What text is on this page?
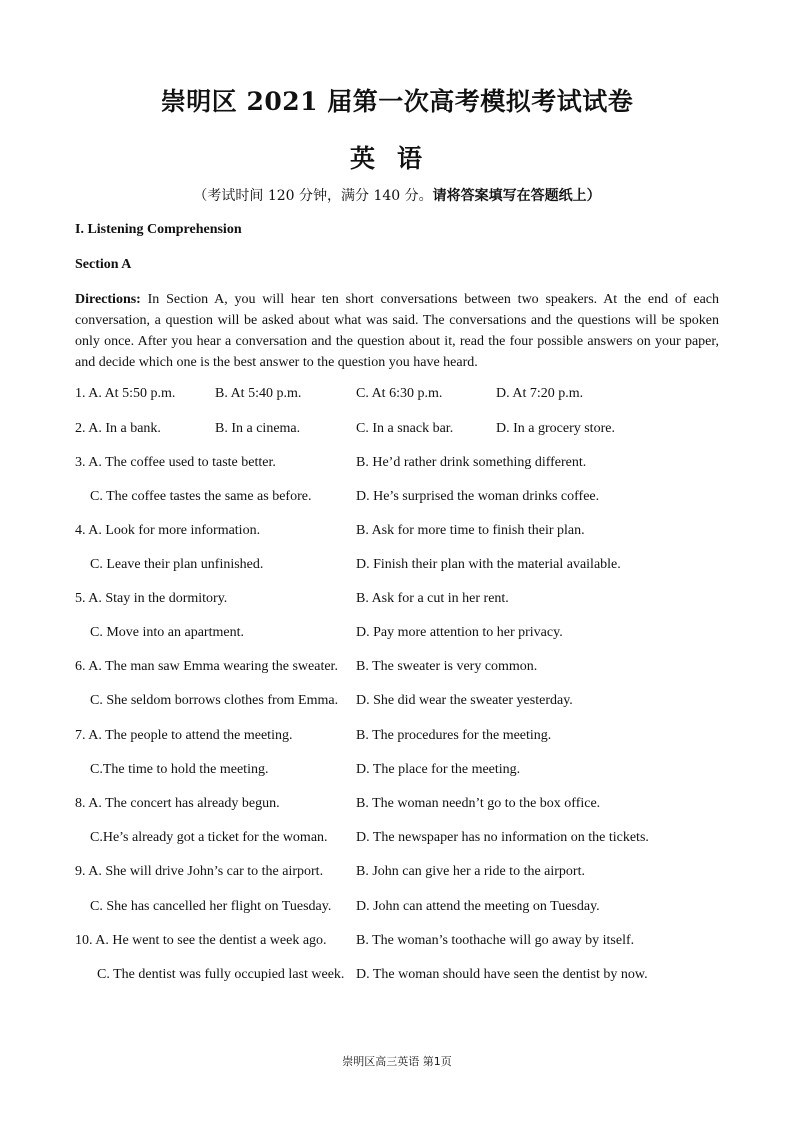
崇明区 2021 届第一次高考模拟考试试卷
英语
（考试时间 120 分钟，满分 140 分。请将答案填写在答题纸上）
I. Listening Comprehension
Section A
Directions: In Section A, you will hear ten short conversations between two speakers. At the end of each conversation, a question will be asked about what was said. The conversations and the questions will be spoken only once. After you hear a conversation and the question about it, read the four possible answers on your paper, and decide which one is the best answer to the question you have heard.
1. A. At 5:50 p.m.	B. At 5:40 p.m.	C. At 6:30 p.m.	D. At 7:20 p.m.
2. A. In a bank.	B. In a cinema.	C. In a snack bar.	D. In a grocery store.
3. A. The coffee used to taste better.	B. He’d rather drink something different.
C. The coffee tastes the same as before.	D. He’s surprised the woman drinks coffee.
4. A. Look for more information.	B. Ask for more time to finish their plan.
C. Leave their plan unfinished.	D. Finish their plan with the material available.
5. A. Stay in the dormitory.	B. Ask for a cut in her rent.
C. Move into an apartment.	D. Pay more attention to her privacy.
6. A. The man saw Emma wearing the sweater. B. The sweater is very common.
C. She seldom borrows clothes from Emma. D. She did wear the sweater yesterday.
7. A. The people to attend the meeting.	B. The procedures for the meeting.
C.The time to hold the meeting.	D. The place for the meeting.
8. A. The concert has already begun.	B. The woman needn’t go to the box office.
C.He’s already got a ticket for the woman. D. The newspaper has no information on the tickets.
9. A. She will drive John’s car to the airport. B. John can give her a ride to the airport.
C. She has cancelled her flight on Tuesday. D. John can attend the meeting on Tuesday.
10. A. He went to see the dentist a week ago. B. The woman’s toothache will go away by itself.
C. The dentist was fully occupied last week. D. The woman should have seen the dentist by now.
崇明区高三英语 第1页
